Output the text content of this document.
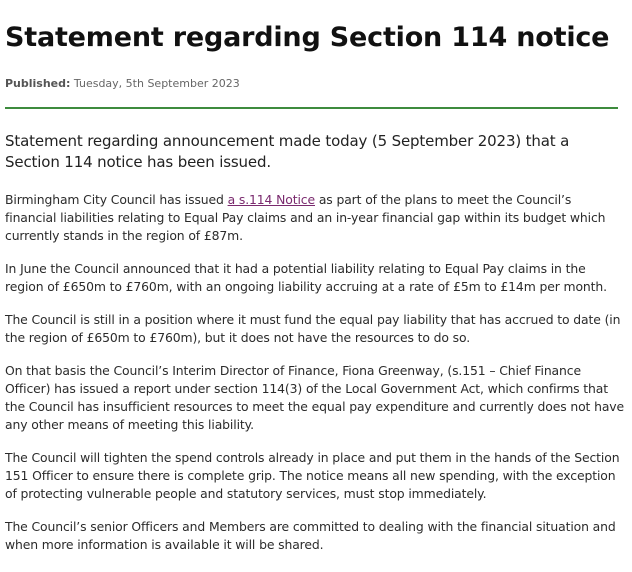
Statement regarding Section 114 notice
Published: Tuesday, 5th September 2023

Statement regarding announcement made today (5 September 2023) that a Section 114 notice has been issued.

Birmingham City Council has issued a s.114 Notice as part of the plans to meet the Council’s financial liabilities relating to Equal Pay claims and an in-year financial gap within its budget which currently stands in the region of £87m.

In June the Council announced that it had a potential liability relating to Equal Pay claims in the region of £650m to £760m, with an ongoing liability accruing at a rate of £5m to £14m per month.

The Council is still in a position where it must fund the equal pay liability that has accrued to date (in the region of £650m to £760m), but it does not have the resources to do so.

On that basis the Council’s Interim Director of Finance, Fiona Greenway, (s.151 – Chief Finance Officer) has issued a report under section 114(3) of the Local Government Act, which confirms that the Council has insufficient resources to meet the equal pay expenditure and currently does not have any other means of meeting this liability.

The Council will tighten the spend controls already in place and put them in the hands of the Section 151 Officer to ensure there is complete grip. The notice means all new spending, with the exception of protecting vulnerable people and statutory services, must stop immediately.

The Council’s senior Officers and Members are committed to dealing with the financial situation and when more information is available it will be shared.
